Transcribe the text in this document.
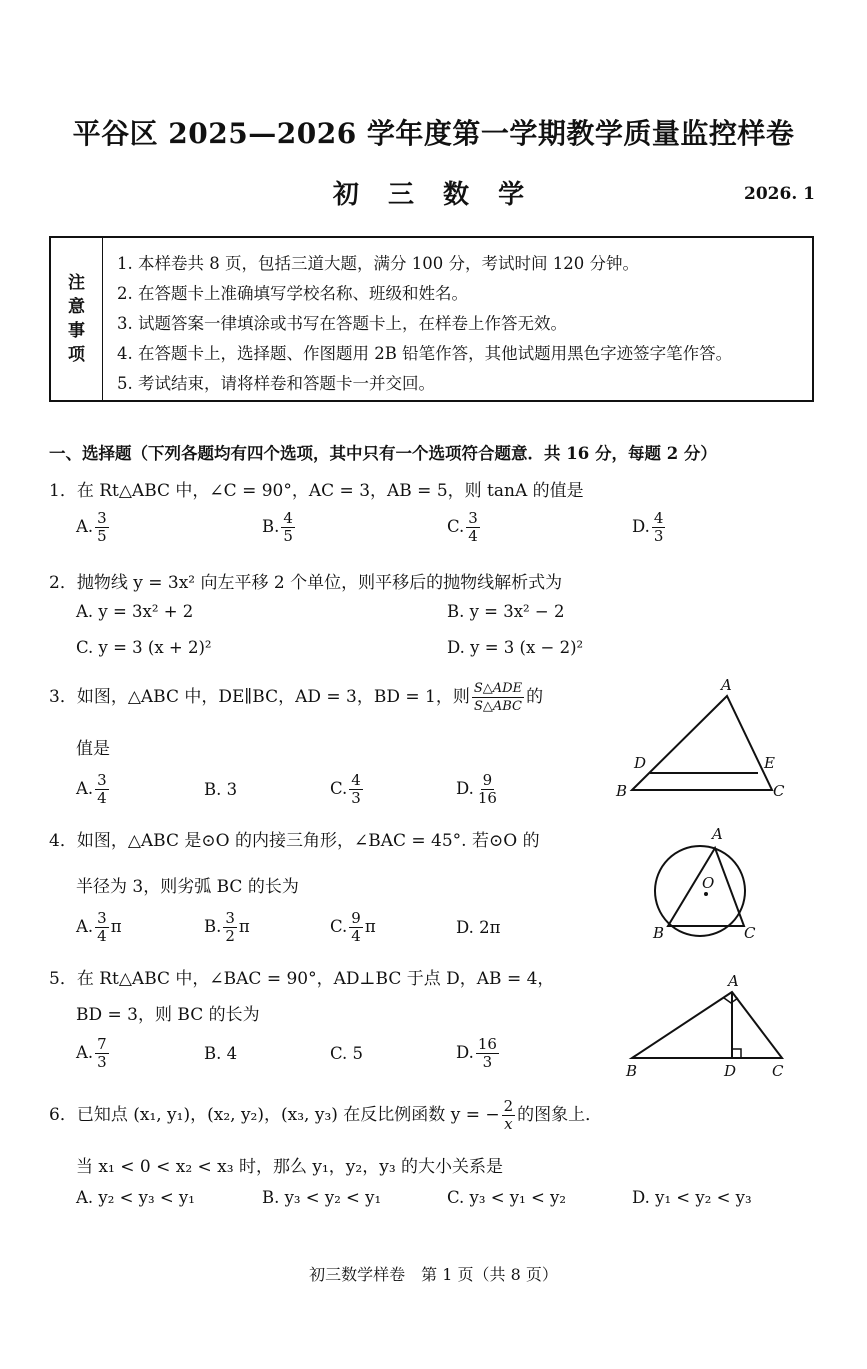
平谷区 2025—2026 学年度第一学期教学质量监控样卷
初 三 数 学	2026. 1
注
意
事
项
1. 本样卷共 8 页，包括三道大题，满分 100 分，考试时间 120 分钟。
2. 在答题卡上准确填写学校名称、班级和姓名。
3. 试题答案一律填涂或书写在答题卡上，在样卷上作答无效。
4. 在答题卡上，选择题、作图题用 2B 铅笔作答，其他试题用黑色字迹签字笔作答。
5. 考试结束，请将样卷和答题卡一并交回。
一、选择题（下列各题均有四个选项，其中只有一个选项符合题意．共 16 分，每题 2 分）
1．在 Rt△ABC 中，∠C = 90°，AC = 3，AB = 5，则 tanA 的值是
A. $\frac{3}{5}$	B. $\frac{4}{5}$	C. $\frac{3}{4}$	D. $\frac{4}{3}$
2．抛物线 y = 3x² 向左平移 2 个单位，则平移后的抛物线解析式为
A. y = 3x² + 2	B. y = 3x² − 2
C. y = 3 (x + 2)²	D. y = 3 (x − 2)²
3．如图，△ABC 中，DE∥BC，AD = 3，BD = 1，则 $\frac{\text{S△ADE}}{\text{S△ABC}}$ 的
值是
A. $\frac{3}{4}$	B. 3	C. $\frac{4}{3}$	D. $\frac{9}{16}$
A
B	C
D	E
4．如图，△ABC 是⊙O 的内接三角形，∠BAC = 45°. 若⊙O 的
半径为 3，则劣弧 BC 的长为
A. $\frac{3}{4}$ π	B. $\frac{3}{2}$ π	C. $\frac{9}{4}$ π	D. 2π
A
B	C
O
5．在 Rt△ABC 中，∠BAC = 90°，AD⊥BC 于点 D，AB = 4，
BD = 3，则 BC 的长为
A. $\frac{7}{3}$	B. 4	C. 5	D. $\frac{16}{3}$
A
B	C
D
6．已知点 (x₁, y₁)，(x₂, y₂)，(x₃, y₃) 在反比例函数 y = − $\frac{2}{x}$ 的图象上．
当 x₁ < 0 < x₂ < x₃ 时，那么 y₁，y₂，y₃ 的大小关系是
A. y₂ < y₃ < y₁	B. y₃ < y₂ < y₁	C. y₃ < y₁ < y₂	D. y₁ < y₂ < y₃
初三数学样卷　第 1 页（共 8 页）
